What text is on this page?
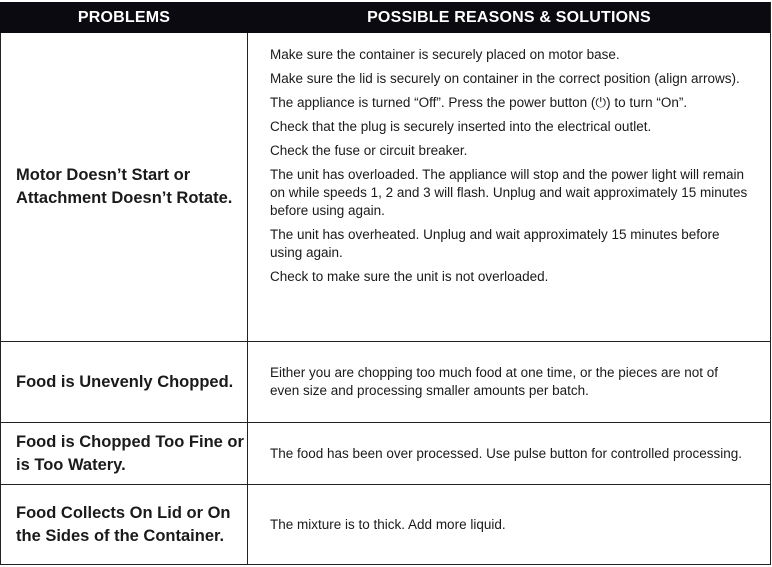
PROBLEMS	POSSIBLE REASONS & SOLUTIONS
Motor Doesn’t Start or Attachment Doesn’t Rotate.

Make sure the container is securely placed on motor base.

Make sure the lid is securely on container in the correct position (align arrows).

The appliance is turned “Off”. Press the power button (⏻) to turn “On”.

Check that the plug is securely inserted into the electrical outlet.

Check the fuse or circuit breaker.

The unit has overloaded. The appliance will stop and the power light will remain on while speeds 1, 2 and 3 will flash. Unplug and wait approximately 15 minutes before using again.

The unit has overheated. Unplug and wait approximately 15 minutes before using again.

Check to make sure the unit is not overloaded.

Food is Unevenly Chopped.	Either you are chopping too much food at one time, or the pieces are not of even size and processing smaller amounts per batch.

Food is Chopped Too Fine or is Too Watery.

The food has been over processed. Use pulse button for controlled processing.

Food Collects On Lid or On the Sides of the Container.

The mixture is to thick. Add more liquid.
